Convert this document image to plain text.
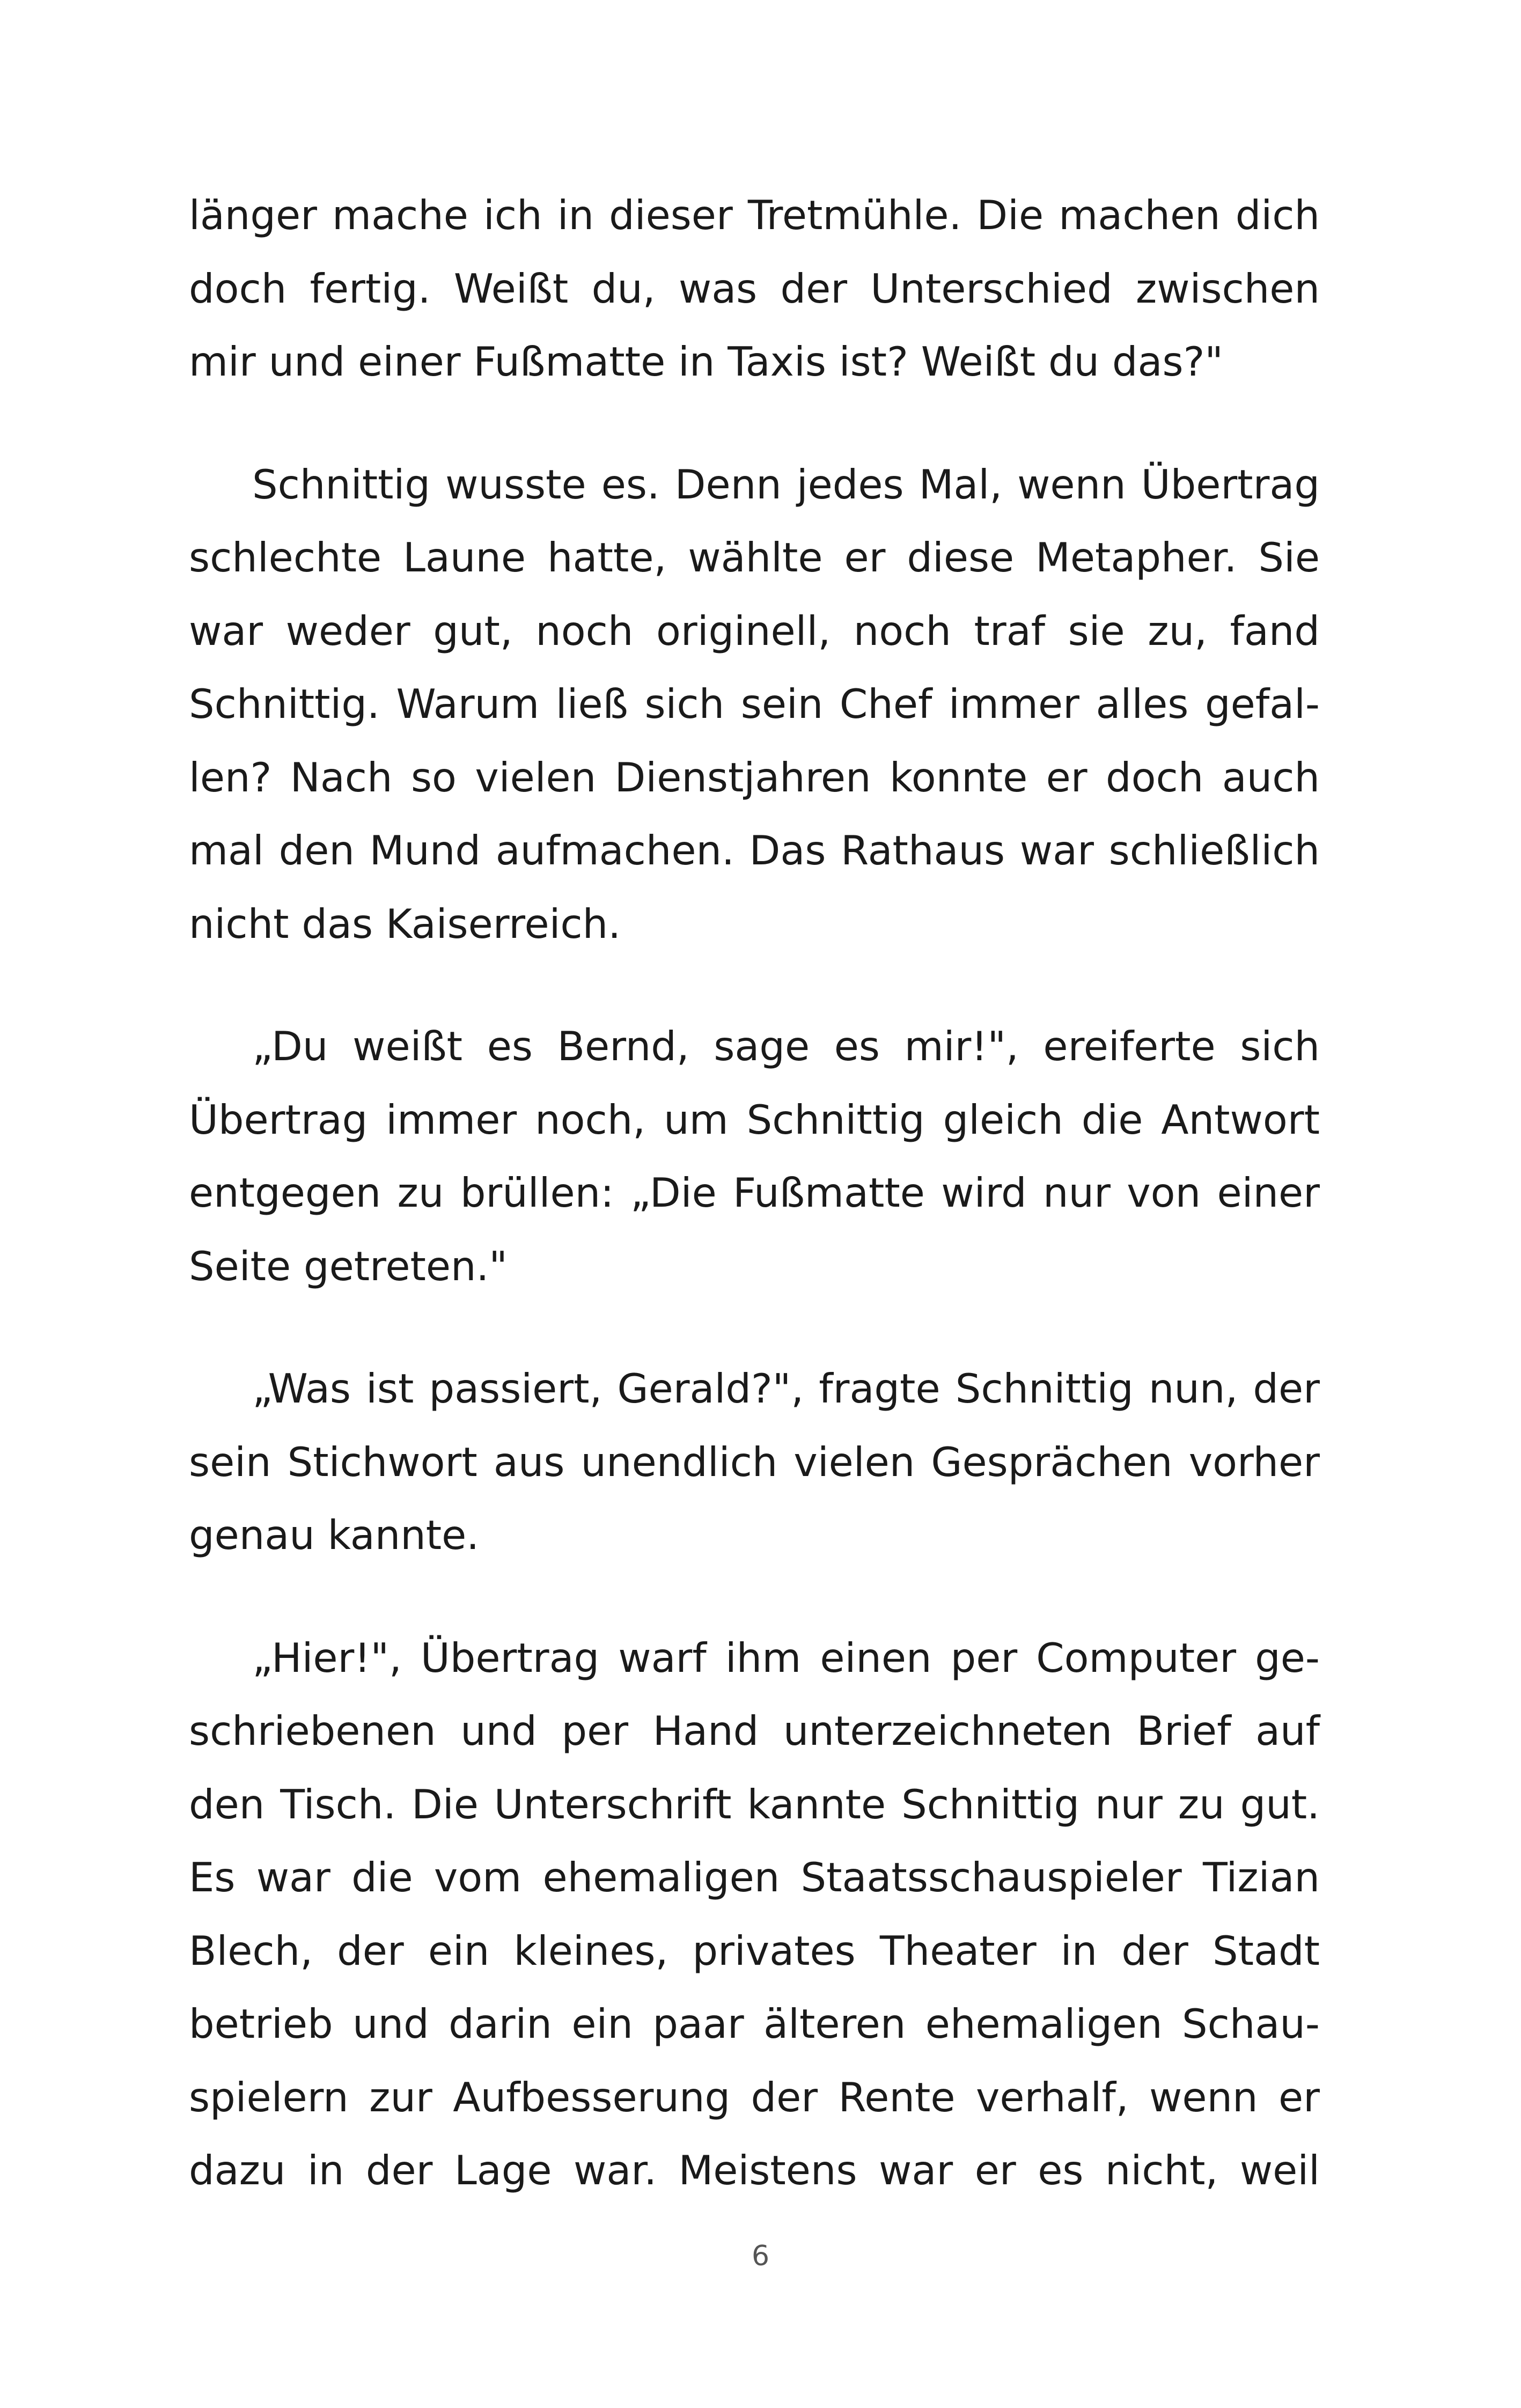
länger mache ich in dieser Tretmühle. Die machen dich
doch fertig. Weißt du, was der Unterschied zwischen
mir und einer Fußmatte in Taxis ist? Weißt du das?"
Schnittig wusste es. Denn jedes Mal, wenn Übertrag
schlechte Laune hatte, wählte er diese Metapher. Sie
war weder gut, noch originell, noch traf sie zu, fand
Schnittig. Warum ließ sich sein Chef immer alles gefal-
len? Nach so vielen Dienstjahren konnte er doch auch
mal den Mund aufmachen. Das Rathaus war schließlich
nicht das Kaiserreich.
„Du weißt es Bernd, sage es mir!", ereiferte sich
Übertrag immer noch, um Schnittig gleich die Antwort
entgegen zu brüllen: „Die Fußmatte wird nur von einer
Seite getreten."
„Was ist passiert, Gerald?", fragte Schnittig nun, der
sein Stichwort aus unendlich vielen Gesprächen vorher
genau kannte.
„Hier!", Übertrag warf ihm einen per Computer ge-
schriebenen und per Hand unterzeichneten Brief auf
den Tisch. Die Unterschrift kannte Schnittig nur zu gut.
Es war die vom ehemaligen Staatsschauspieler Tizian
Blech, der ein kleines, privates Theater in der Stadt
betrieb und darin ein paar älteren ehemaligen Schau-
spielern zur Aufbesserung der Rente verhalf, wenn er
dazu in der Lage war. Meistens war er es nicht, weil
6
